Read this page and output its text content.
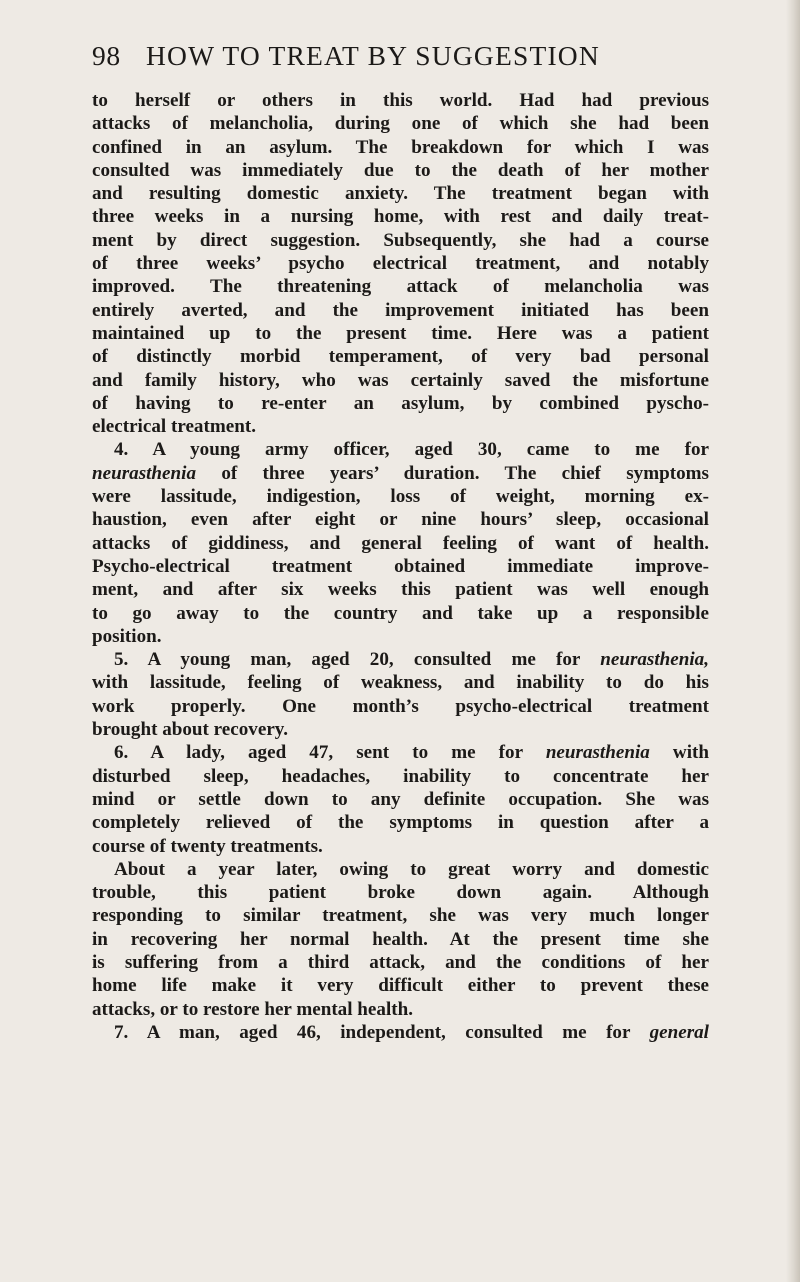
98 HOW TO TREAT BY SUGGESTION
to herself or others in this world. Had had previous
attacks of melancholia, during one of which she had been
confined in an asylum. The breakdown for which I was
consulted was immediately due to the death of her mother
and resulting domestic anxiety. The treatment began with
three weeks in a nursing home, with rest and daily treat-
ment by direct suggestion. Subsequently, she had a course
of three weeks’ psycho electrical treatment, and notably
improved. The threatening attack of melancholia was
entirely averted, and the improvement initiated has been
maintained up to the present time. Here was a patient
of distinctly morbid temperament, of very bad personal
and family history, who was certainly saved the misfortune
of having to re-enter an asylum, by combined pyscho-
electrical treatment.
4. A young army officer, aged 30, came to me for
neurasthenia of three years’ duration. The chief symptoms
were lassitude, indigestion, loss of weight, morning ex-
haustion, even after eight or nine hours’ sleep, occasional
attacks of giddiness, and general feeling of want of health.
Psycho-electrical treatment obtained immediate improve-
ment, and after six weeks this patient was well enough
to go away to the country and take up a responsible
position.
5. A young man, aged 20, consulted me for neurasthenia,
with lassitude, feeling of weakness, and inability to do his
work properly. One month’s psycho-electrical treatment
brought about recovery.
6. A lady, aged 47, sent to me for neurasthenia with
disturbed sleep, headaches, inability to concentrate her
mind or settle down to any definite occupation. She was
completely relieved of the symptoms in question after a
course of twenty treatments.
About a year later, owing to great worry and domestic
trouble, this patient broke down again. Although
responding to similar treatment, she was very much longer
in recovering her normal health. At the present time she
is suffering from a third attack, and the conditions of her
home life make it very difficult either to prevent these
attacks, or to restore her mental health.
7. A man, aged 46, independent, consulted me for general
